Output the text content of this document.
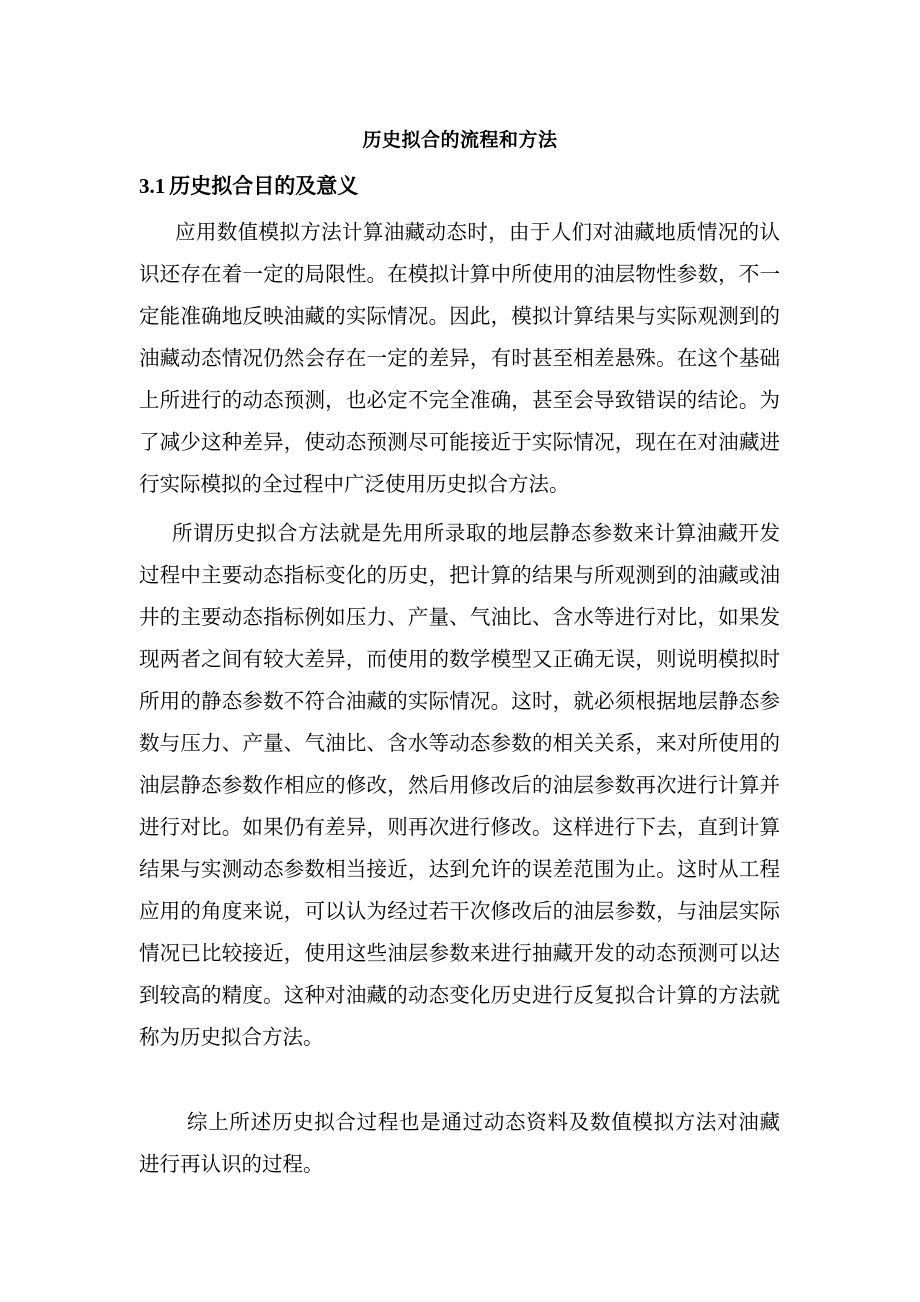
历史拟合的流程和方法
3.1 历史拟合目的及意义

应用数值模拟方法计算油藏动态时，由于人们对油藏地质情况的认识还存在着一定的局限性。在模拟计算中所使用的油层物性参数，不一定能准确地反映油藏的实际情况。因此，模拟计算结果与实际观测到的油藏动态情况仍然会存在一定的差异，有时甚至相差悬殊。在这个基础上所进行的动态预测，也必定不完全准确，甚至会导致错误的结论。为了减少这种差异，使动态预测尽可能接近于实际情况，现在在对油藏进行实际模拟的全过程中广泛使用历史拟合方法。

所谓历史拟合方法就是先用所录取的地层静态参数来计算油藏开发过程中主要动态指标变化的历史，把计算的结果与所观测到的油藏或油井的主要动态指标例如压力、产量、气油比、含水等进行对比，如果发现两者之间有较大差异，而使用的数学模型又正确无误，则说明模拟时所用的静态参数不符合油藏的实际情况。这时，就必须根据地层静态参数与压力、产量、气油比、含水等动态参数的相关关系，来对所使用的油层静态参数作相应的修改，然后用修改后的油层参数再次进行计算并进行对比。如果仍有差异，则再次进行修改。这样进行下去，直到计算结果与实测动态参数相当接近，达到允许的误差范围为止。这时从工程应用的角度来说，可以认为经过若干次修改后的油层参数，与油层实际情况已比较接近，使用这些油层参数来进行抽藏开发的动态预测可以达到较高的精度。这种对油藏的动态变化历史进行反复拟合计算的方法就称为历史拟合方法。

综上所述历史拟合过程也是通过动态资料及数值模拟方法对油藏进行再认识的过程。
